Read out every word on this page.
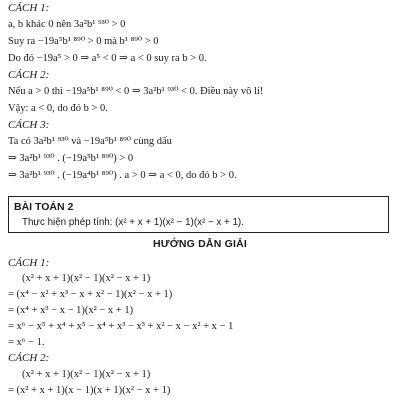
CÁCH 1:
a, b khác 0 nên 3a²b¹ ⁹³⁰ > 0
Suy ra −19a⁵b¹ ⁸⁹⁰ > 0 mà b¹ ⁸⁹⁰ > 0
Do đó −19a⁵ > 0 ⇒ a⁵ < 0 ⇒ a < 0 suy ra b > 0.
CÁCH 2:
Nếu a > 0 thì −19a⁵b¹ ⁸⁹⁰ < 0 ⇒ 3a²b¹ ⁹³⁰ < 0. Điều này vô lí!
Vậy: a < 0, do đó b > 0.
CÁCH 3:
Ta có 3a²b¹ ⁹³⁰ và −19a⁵b¹ ⁸⁹⁰ cùng dấu
⇒ 3a²b¹ ⁹³⁰ . (−19a⁵b¹ ⁸⁹⁰) > 0
⇒ 3a²b¹ ⁹³⁰ . (−19a⁴b¹ ⁸⁹⁰) . a > 0 ⇒ a < 0, do đó b > 0.
BÀI TOÁN 2
Thực hiện phép tính: (x² + x + 1)(x² − 1)(x² − x + 1).
HƯỚNG DẪN GIẢI
CÁCH 1:
(x² + x + 1)(x² − 1)(x² − x + 1)
= (x⁴ − x² + x³ − x + x² − 1)(x² − x + 1)
= (x⁴ + x³ − x − 1)(x² − x + 1)
= x⁶ − x⁵ + x⁴ + x⁵ − x⁴ + x³ − x³ + x² − x − x² + x − 1
= x⁶ − 1.
CÁCH 2:
(x² + x + 1)(x² − 1)(x² − x + 1)
= (x² + x + 1)(x − 1)(x + 1)(x² − x + 1)
